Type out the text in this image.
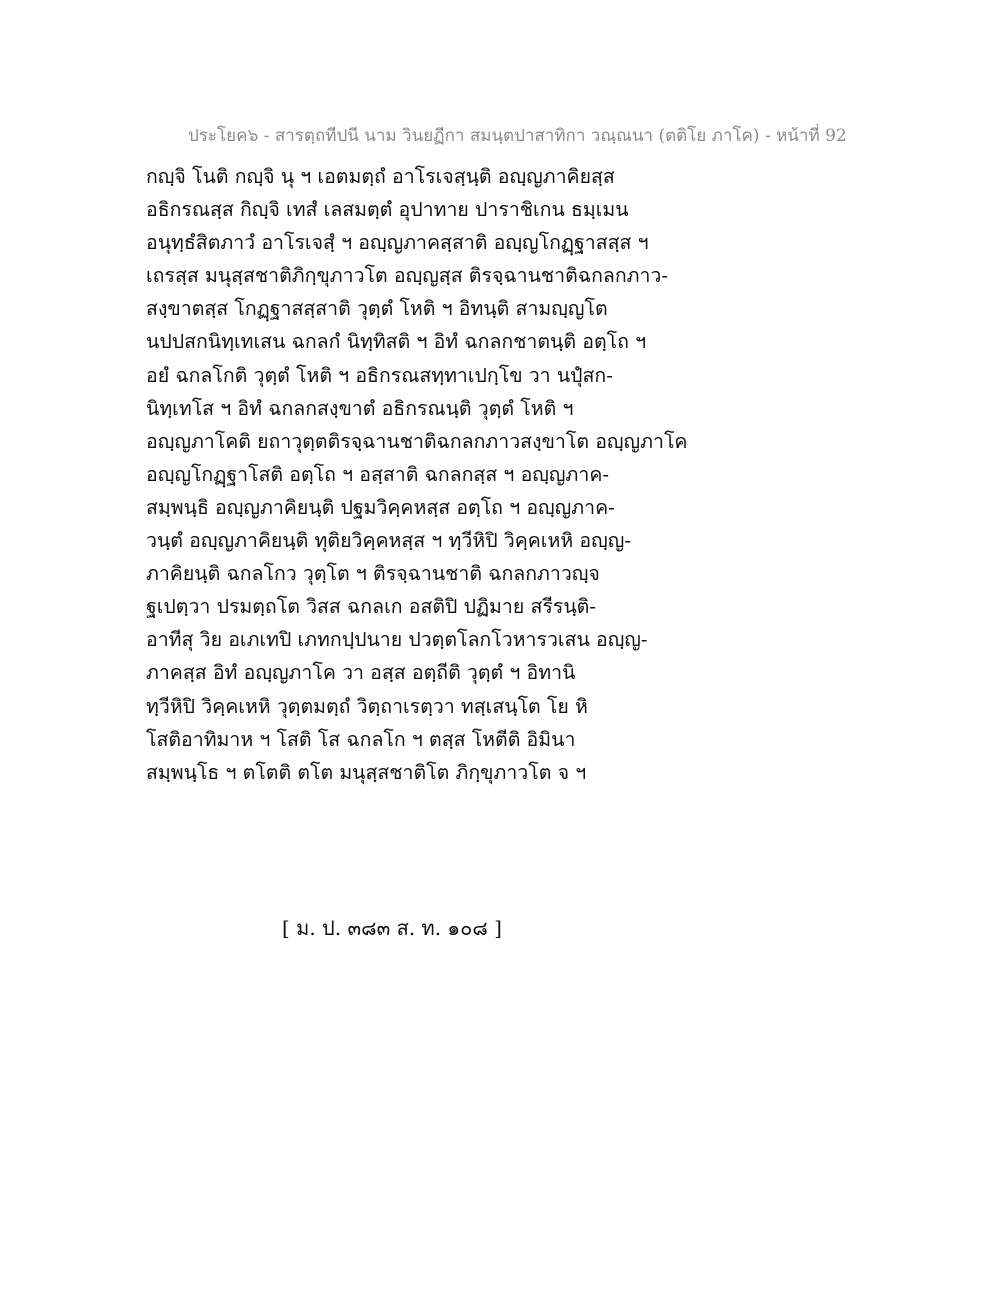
ประโยค๖ - สารตฺถทีปนี นาม วินยฏีกา สมนฺตปาสาทิกา วณฺณนา (ตติโย ภาโค) - หน้าที่ 92
กญฺจิ โนติ กญฺจิ นุ ฯ เอตมตฺถํ อาโรเจสฺนฺติ อญฺญภาคิยสฺส
อธิกรณสฺส กิญฺจิ เทสํ เลสมตฺตํ อุปาทาย ปาราชิเกน ธมฺเมน
อนุทฺธํสิตภาวํ อาโรเจสฺํ ฯ อญฺญภาคสฺสาติ อญฺญโกฏฺฐาสสฺส ฯ
เถรสฺส มนุสฺสชาติภิกฺขุภาวโต อญฺญสฺส ติรจฺฉานชาติฉกลกภาว-
สงฺขาตสฺส โกฏฺฐาสสฺสาติ วุตฺตํ โหติ ฯ อิทนฺติ สามญฺญโต
นปปสกนิทฺเทเสน ฉกลกํ นิทฺทิสติ ฯ อิทํ ฉกลกชาตนฺติ อตฺโถ ฯ
อยํ ฉกลโกติ วุตฺตํ โหติ ฯ อธิกรณสทฺทาเปกฺโข วา นปุํสก-
นิทฺเทโส ฯ อิทํ ฉกลกสงฺขาตํ อธิกรณนฺติ วุตฺตํ โหติ ฯ
อญฺญภาโคติ ยถาวุตฺตติรจฺฉานชาติฉกลกภาวสงฺขาโต อญฺญภาโค
อญฺญโกฏฺฐาโสติ อตฺโถ ฯ อสฺสาติ ฉกลกสฺส ฯ อญฺญภาค-
สมฺพนฺธิ อญฺญภาคิยนฺติ ปฐมวิคฺคหสฺส อตฺโถ ฯ อญฺญภาค-
วนฺตํ อญฺญภาคิยนฺติ ทุติยวิคฺคหสฺส ฯ ทฺวีหิปิ วิคฺคเหหิ อญฺญ-
ภาคิยนฺติ ฉกลโกว วุตฺโต ฯ ติรจฺฉานชาติ ฉกลกภาวญฺจ
ฐเปตฺวา ปรมตฺถโต วิสส ฉกลเก อสติปิ ปฏิมาย สรีรนฺติ-
อาทีสุ วิย อเภเทปิ เภทกปฺปนาย ปวตฺตโลกโวหารวเสน อญฺญ-
ภาคสฺส อิทํ อญฺญภาโค วา อสฺส อตฺถีติ วุตฺตํ ฯ อิทานิ
ทฺวีหิปิ วิคฺคเหหิ วุตฺตมตฺถํ วิตฺถาเรตฺวา ทสฺเสนฺโต โย หิ
โสติอาทิมาห ฯ โสติ โส ฉกลโก ฯ ตสฺส โหตีติ อิมินา
สมฺพนฺโธ ฯ ตโตติ ตโต มนุสฺสชาติโต ภิกฺขุภาวโต จ ฯ
[ ม. ป. ๓๘๓ ส. ท. ๑๐๘ ]
